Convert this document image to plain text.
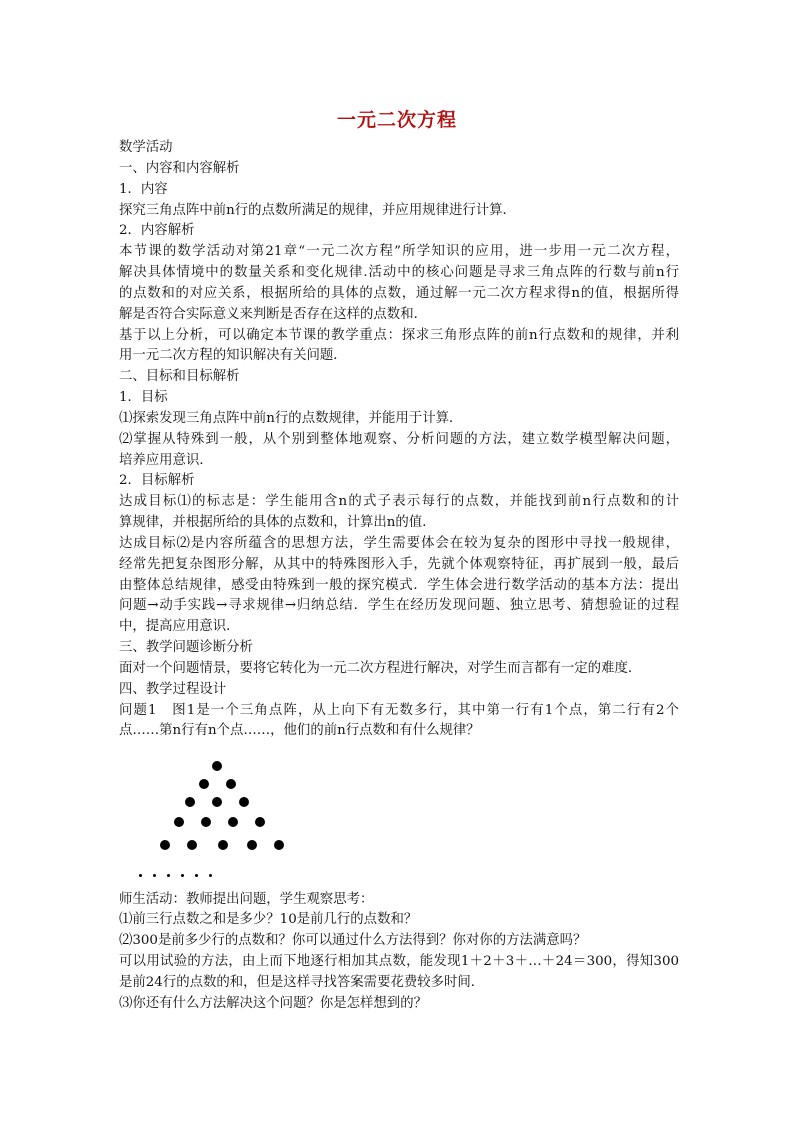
一元二次方程
数学活动
一、内容和内容解析
1．内容
探究三角点阵中前n行的点数所满足的规律，并应用规律进行计算．
2．内容解析
本节课的数学活动对第21章“一元二次方程”所学知识的应用，进一步用一元二次方程，
解决具体情境中的数量关系和变化规律.活动中的核心问题是寻求三角点阵的行数与前n行
的点数和的对应关系，根据所给的具体的点数，通过解一元二次方程求得n的值，根据所得
解是否符合实际意义来判断是否存在这样的点数和．
基于以上分析，可以确定本节课的教学重点：探求三角形点阵的前n行点数和的规律，并利
用一元二次方程的知识解决有关问题．
二、目标和目标解析
1．目标
⑴探索发现三角点阵中前n行的点数规律，并能用于计算．
⑵掌握从特殊到一般，从个别到整体地观察、分析问题的方法，建立数学模型解决问题，
培养应用意识．
2．目标解析
达成目标⑴的标志是：学生能用含n的式子表示每行的点数，并能找到前n行点数和的计
算规律，并根据所给的具体的点数和，计算出n的值．
达成目标⑵是内容所蕴含的思想方法，学生需要体会在较为复杂的图形中寻找一般规律，
经常先把复杂图形分解，从其中的特殊图形入手，先就个体观察特征，再扩展到一般，最后
由整体总结规律，感受由特殊到一般的探究模式．学生体会进行数学活动的基本方法：提出
问题→动手实践→寻求规律→归纳总结．学生在经历发现问题、独立思考、猜想验证的过程
中，提高应用意识．
三、教学问题诊断分析
面对一个问题情景，要将它转化为一元二次方程进行解决，对学生而言都有一定的难度．
四、教学过程设计
问题1　图1是一个三角点阵，从上向下有无数多行，其中第一行有1个点，第二行有2个
点……第n行有n个点……，他们的前n行点数和有什么规律？
师生活动：教师提出问题，学生观察思考：
⑴前三行点数之和是多少？10是前几行的点数和？
⑵300是前多少行的点数和？你可以通过什么方法得到？你对你的方法满意吗？
可以用试验的方法，由上而下地逐行相加其点数，能发现1＋2＋3＋…＋24＝300，得知300
是前24行的点数的和，但是这样寻找答案需要花费较多时间．
⑶你还有什么方法解决这个问题？你是怎样想到的？
